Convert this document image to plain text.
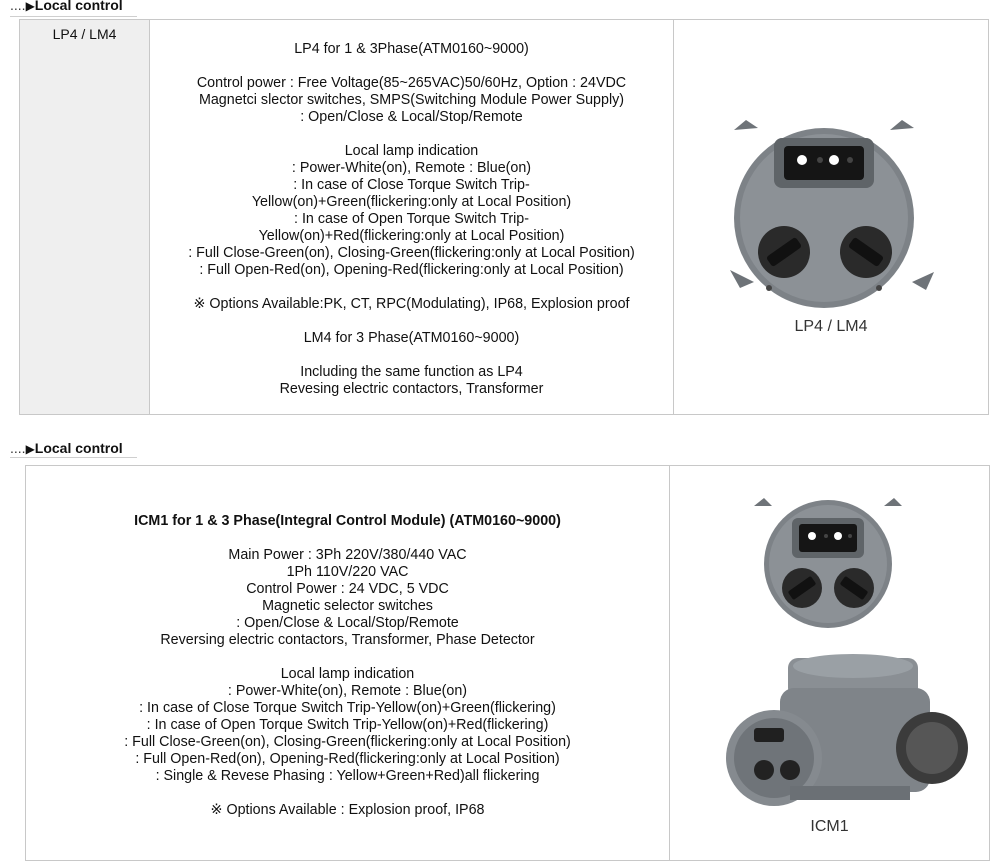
....▶Local control
LP4 / LM4

LP4 for 1 & 3Phase(ATM0160~9000)

Control power : Free Voltage(85~265VAC)50/60Hz, Option : 24VDC

Magnetci slector switches, SMPS(Switching Module Power Supply)

: Open/Close & Local/Stop/Remote

Local lamp indication

: Power-White(on), Remote : Blue(on)

: In case of Close Torque Switch Trip-

Yellow(on)+Green(flickering:only at Local Position)

: In case of Open Torque Switch Trip-

Yellow(on)+Red(flickering:only at Local Position)

: Full Close-Green(on), Closing-Green(flickering:only at Local Position)

: Full Open-Red(on), Opening-Red(flickering:only at Local Position)

※ Options Available:PK, CT, RPC(Modulating), IP68, Explosion proof

LM4 for 3 Phase(ATM0160~9000)

Including the same function as LP4

Revesing electric contactors, Transformer

LP4 / LM4
....▶Local control

ICM1 for 1 & 3 Phase(Integral Control Module) (ATM0160~9000)

Main Power : 3Ph 220V/380/440 VAC

1Ph 110V/220 VAC

Control Power : 24 VDC, 5 VDC

Magnetic selector switches

: Open/Close & Local/Stop/Remote

Reversing electric contactors, Transformer, Phase Detector

Local lamp indication

: Power-White(on), Remote : Blue(on)

: In case of Close Torque Switch Trip-Yellow(on)+Green(flickering)

: In case of Open Torque Switch Trip-Yellow(on)+Red(flickering)

: Full Close-Green(on), Closing-Green(flickering:only at Local Position)

: Full Open-Red(on), Opening-Red(flickering:only at Local Position)

: Single & Revese Phasing : Yellow+Green+Red)all flickering

※ Options Available : Explosion proof, IP68

ICM1
